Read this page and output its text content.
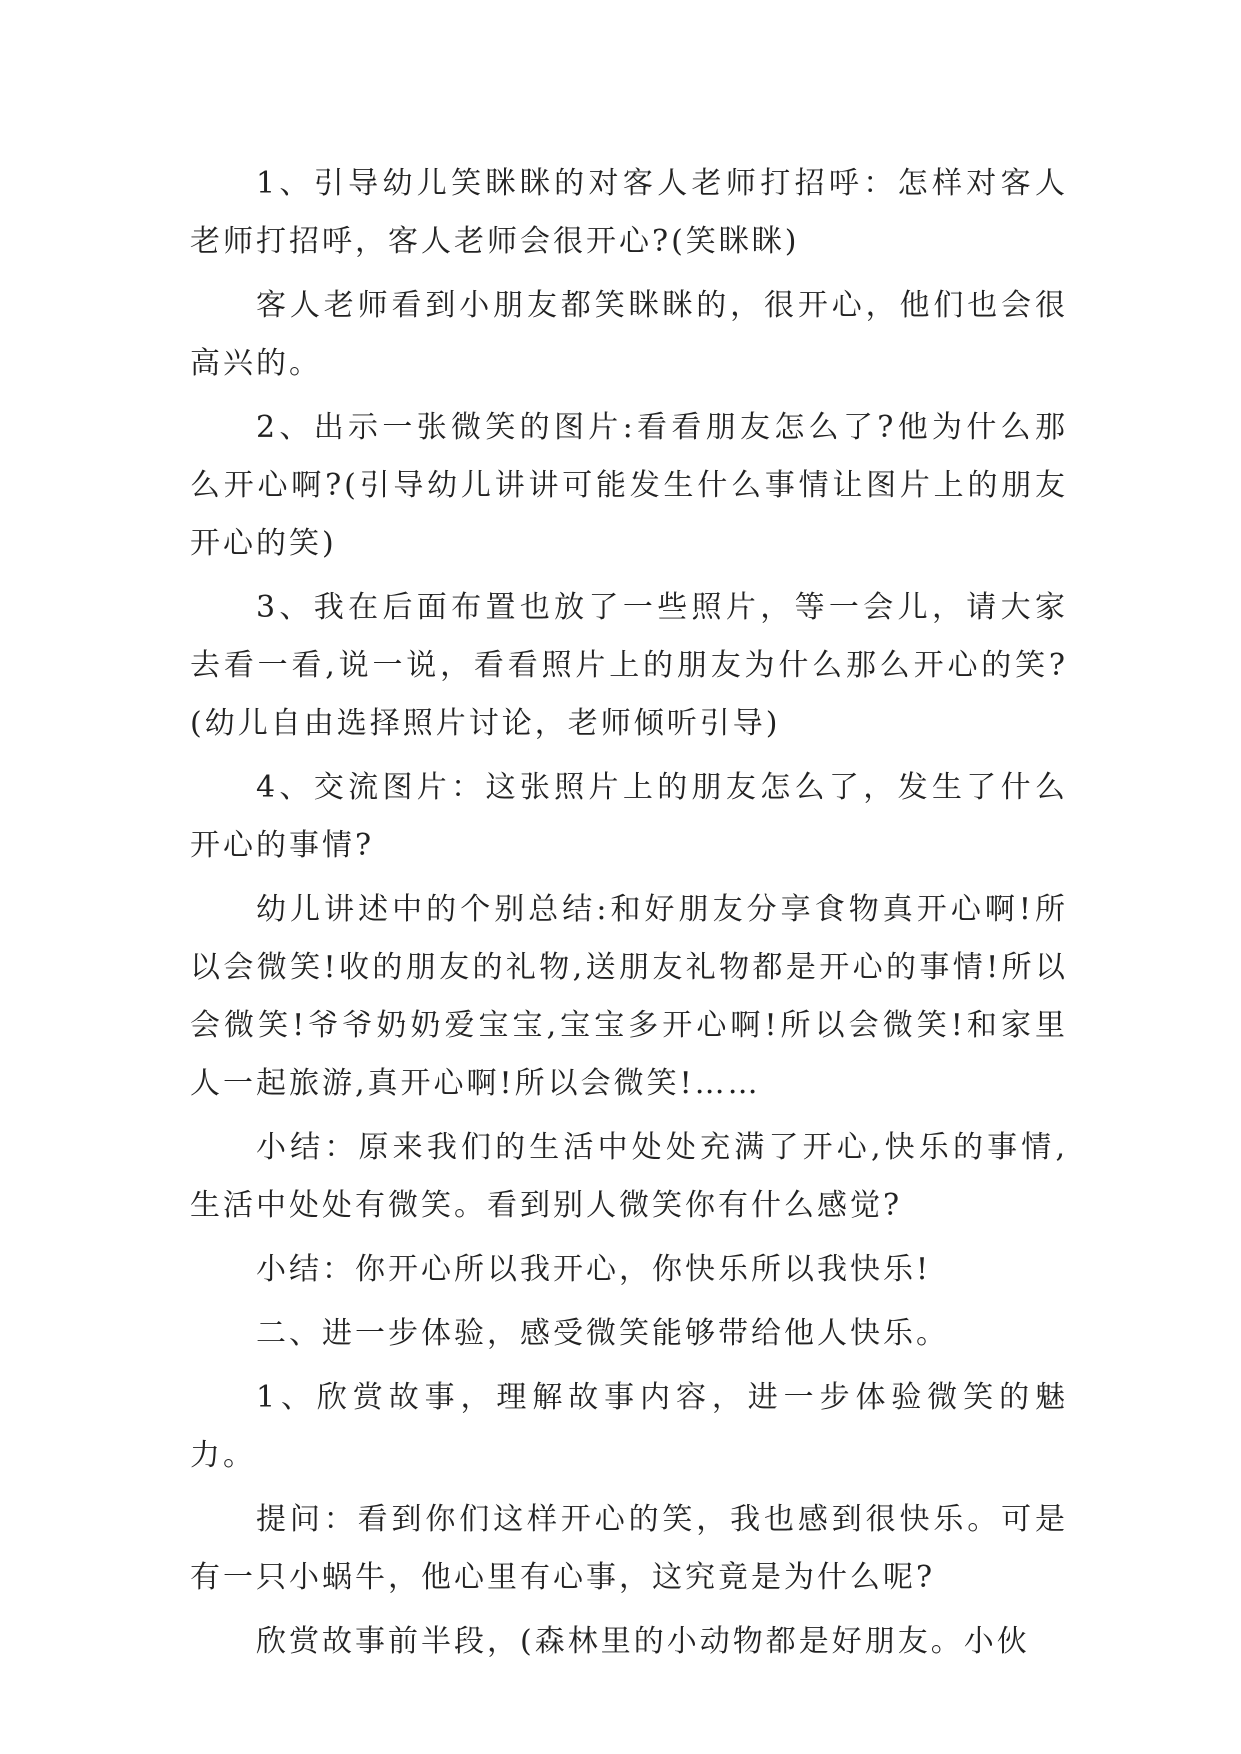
1、引导幼儿笑眯眯的对客人老师打招呼：怎样对客人老师打招呼，客人老师会很开心?(笑眯眯)

客人老师看到小朋友都笑眯眯的，很开心，他们也会很高兴的。

2、出示一张微笑的图片:看看朋友怎么了?他为什么那么开心啊?(引导幼儿讲讲可能发生什么事情让图片上的朋友开心的笑)

3、我在后面布置也放了一些照片，等一会儿，请大家去看一看,说一说，看看照片上的朋友为什么那么开心的笑?(幼儿自由选择照片讨论，老师倾听引导)

4、交流图片：这张照片上的朋友怎么了，发生了什么开心的事情?

幼儿讲述中的个别总结:和好朋友分享食物真开心啊!所以会微笑!收的朋友的礼物,送朋友礼物都是开心的事情!所以会微笑!爷爷奶奶爱宝宝,宝宝多开心啊!所以会微笑!和家里人一起旅游,真开心啊!所以会微笑!……

小结：原来我们的生活中处处充满了开心,快乐的事情,生活中处处有微笑。看到别人微笑你有什么感觉?

小结：你开心所以我开心，你快乐所以我快乐!

二、进一步体验，感受微笑能够带给他人快乐。

1、欣赏故事，理解故事内容，进一步体验微笑的魅力。

提问：看到你们这样开心的笑，我也感到很快乐。可是有一只小蜗牛，他心里有心事，这究竟是为什么呢?

欣赏故事前半段，(森林里的小动物都是好朋友。小伙
